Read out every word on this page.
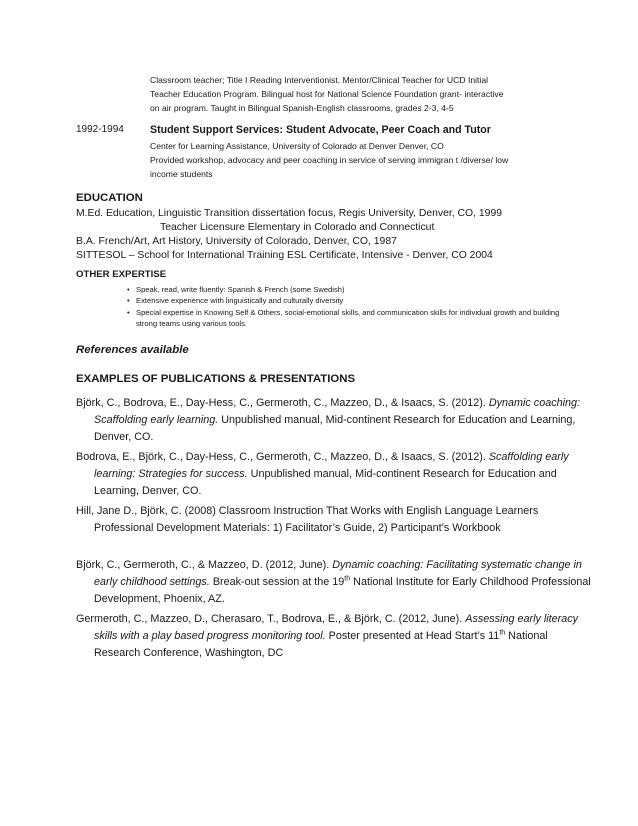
Classroom teacher; Title I Reading Interventionist. Mentor/Clinical Teacher for UCD Initial
Teacher Education Program. Bilingual host for National Science Foundation grant- interactive
on air program. Taught in Bilingual Spanish-English classrooms, grades 2-3, 4-5
1992-1994 Student Support Services: Student Advocate, Peer Coach and Tutor
Center for Learning Assistance, University of Colorado at Denver Denver, CO
Provided workshop, advocacy and peer coaching in service of serving immigran t /diverse/ low
income students
EDUCATION
M.Ed. Education, Linguistic Transition dissertation focus, Regis University, Denver, CO, 1999
Teacher Licensure Elementary in Colorado and Connecticut
B.A. French/Art, Art History, University of Colorado, Denver, CO, 1987
SITTESOL – School for International Training ESL Certificate, Intensive - Denver, CO 2004
OTHER EXPERTISE
• Speak, read, write fluently: Spanish & French (some Swedish)
• Extensive experience with linguistically and culturally diversity
• Special expertise in Knowing Self & Others, social-emotional skills, and communication skills for individual growth and building strong teams using various tools.
References available
EXAMPLES OF PUBLICATIONS & PRESENTATIONS

Björk, C., Bodrova, E., Day-Hess, C., Germeroth, C., Mazzeo, D., & Isaacs, S. (2012). Dynamic coaching: Scaffolding early learning. Unpublished manual, Mid-continent Research for Education and Learning, Denver, CO.

Bodrova, E., Björk, C., Day-Hess, C., Germeroth, C., Mazzeo, D., & Isaacs, S. (2012). Scaffolding early learning: Strategies for success. Unpublished manual, Mid-continent Research for Education and Learning, Denver, CO.

Hill, Jane D., Björk, C. (2008) Classroom Instruction That Works with English Language Learners Professional Development Materials: 1) Facilitator’s Guide, 2) Participant’s Workbook

Björk, C., Germeroth, C., & Mazzeo, D. (2012, June). Dynamic coaching: Facilitating systematic change in early childhood settings. Break-out session at the 19th National Institute for Early Childhood Professional Development, Phoenix, AZ.

Germeroth, C., Mazzeo, D., Cherasaro, T., Bodrova, E., & Björk, C. (2012, June). Assessing early literacy skills with a play based progress monitoring tool. Poster presented at Head Start’s 11th National Research Conference, Washington, DC
